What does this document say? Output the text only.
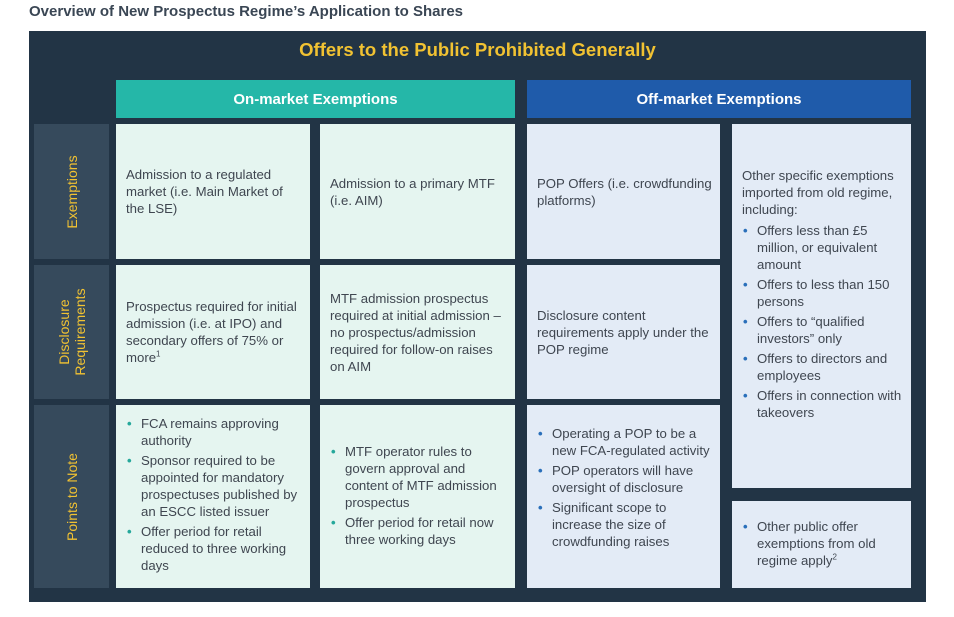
Overview of New Prospectus Regime’s Application to Shares
Offers to the Public Prohibited Generally
On-market Exemptions	Off-market Exemptions
Exemptions
Disclosure Requirements
Points to Note
Admission to a regulated market (i.e. Main Market of the LSE)
Admission to a primary MTF (i.e. AIM)
POP Offers (i.e. crowdfunding platforms)
Other specific exemptions imported from old regime, including:
• Offers less than £5 million, or equivalent amount
• Offers to less than 150 persons
• Offers to “qualified investors” only
• Offers to directors and employees
• Offers in connection with takeovers
Prospectus required for initial admission (i.e. at IPO) and secondary offers of 75% or more$^1$
MTF admission prospectus required at initial admission – no prospectus/admission required for follow-on raises on AIM
Disclosure content requirements apply under the POP regime
• FCA remains approving authority
• Sponsor required to be appointed for mandatory prospectuses published by an ESCC listed issuer
• Offer period for retail reduced to three working days
• MTF operator rules to govern approval and content of MTF admission prospectus
• Offer period for retail now three working days
• Operating a POP to be a new FCA-regulated activity
• POP operators will have oversight of disclosure
• Significant scope to increase the size of crowdfunding raises
• Other public offer exemptions from old regime apply$^2$
